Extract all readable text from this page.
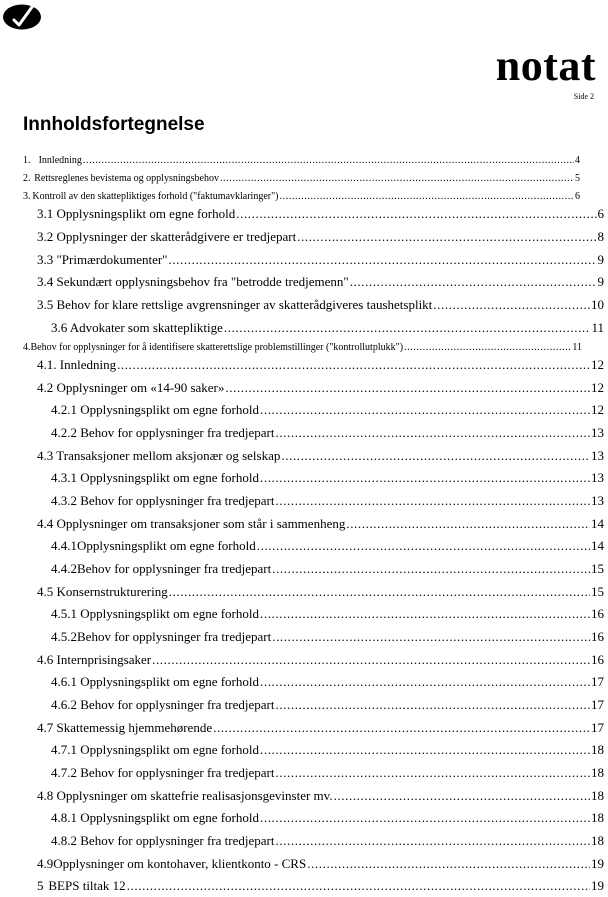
notat
Side 2
Innholdsfortegnelse
1. Innledning .....	4
2. Rettsreglenes bevistema og opplysningsbehov .....	5
3. Kontroll av den skattepliktiges forhold ("faktumavklaringer") .....	6
3.1 Opplysningsplikt om egne forhold .....	6
3.2 Opplysninger der skatterådgivere er tredjepart .....	8
3.3 "Primærdokumenter" .....	9
3.4 Sekundært opplysningsbehov fra "betrodde tredjemenn" .....	9
3.5 Behov for klare rettslige avgrensninger av skatterådgiveres taushetsplikt .....	10
3.6 Advokater som skattepliktige .....	11
4. Behov for opplysninger for å identifisere skatterettslige problemstillinger ("kontrollutplukk") .....	11
4.1. Innledning .....	12
4.2 Opplysninger om «14-90 saker» .....	12
4.2.1 Opplysningsplikt om egne forhold .....	12
4.2.2 Behov for opplysninger fra tredjepart .....	13
4.3 Transaksjoner mellom aksjonær og selskap .....	13
4.3.1 Opplysningsplikt om egne forhold .....	13
4.3.2 Behov for opplysninger fra tredjepart .....	13
4.4 Opplysninger om transaksjoner som står i sammenheng .....	14
4.4.1 Opplysningsplikt om egne forhold .....	14
4.4.2 Behov for opplysninger fra tredjepart .....	15
4.5 Konsernstrukturering .....	15
4.5.1 Opplysningsplikt om egne forhold .....	16
4.5.2 Behov for opplysninger fra tredjepart .....	16
4.6 Internprisingsaker .....	16
4.6.1 Opplysningsplikt om egne forhold .....	17
4.6.2 Behov for opplysninger fra tredjepart .....	17
4.7 Skattemessig hjemmehørende .....	17
4.7.1 Opplysningsplikt om egne forhold .....	18
4.7.2 Behov for opplysninger fra tredjepart .....	18
4.8 Opplysninger om skattefrie realisasjonsgevinster mv. .....	18
4.8.1 Opplysningsplikt om egne forhold .....	18
4.8.2 Behov for opplysninger fra tredjepart .....	18
4.9 Opplysninger om kontohaver, klientkonto - CRS .....	19
5 BEPS tiltak 12 .....	19
